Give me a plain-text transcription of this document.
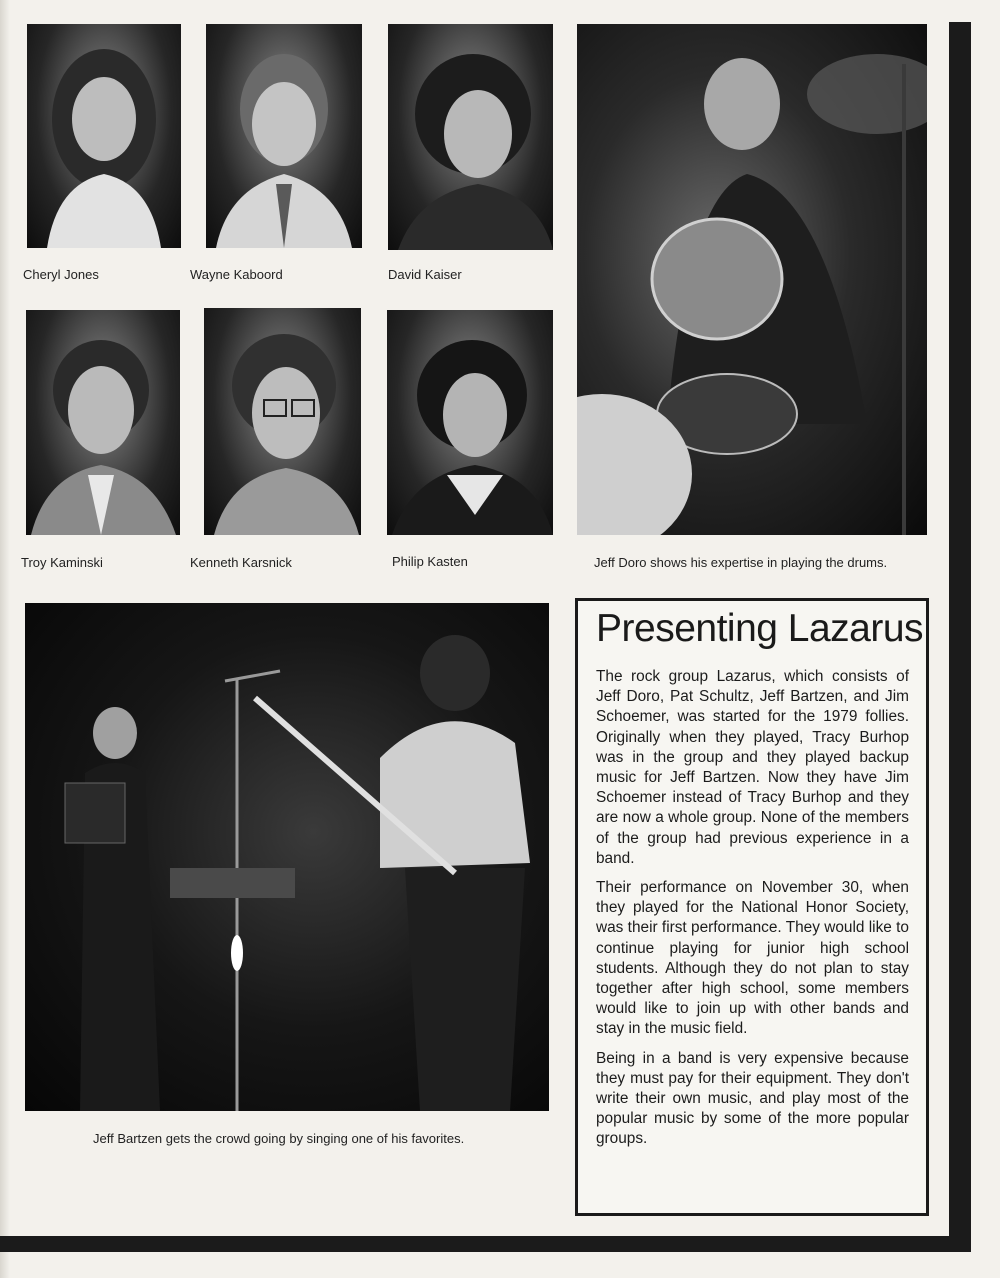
Cheryl Jones	Wayne Kaboord	David Kaiser
Troy Kaminski	Kenneth Karsnick	Philip Kasten	Jeff Doro shows his expertise in playing the drums.
Jeff Bartzen gets the crowd going by singing one of his favorites.
Presenting Lazarus

The rock group Lazarus, which consists of Jeff Doro, Pat Schultz, Jeff Bartzen, and Jim Schoemer, was started for the 1979 follies. Originally when they played, Tracy Burhop was in the group and they played backup music for Jeff Bartzen. Now they have Jim Schoemer instead of Tracy Burhop and they are now a whole group. None of the members of the group had previous experience in a band.

Their performance on November 30, when they played for the National Honor Society, was their first performance. They would like to continue playing for junior high school students. Although they do not plan to stay together after high school, some members would like to join up with other bands and stay in the music field.

Being in a band is very expensive because they must pay for their equipment. They don't write their own music, and play most of the popular music by some of the more popular groups.
